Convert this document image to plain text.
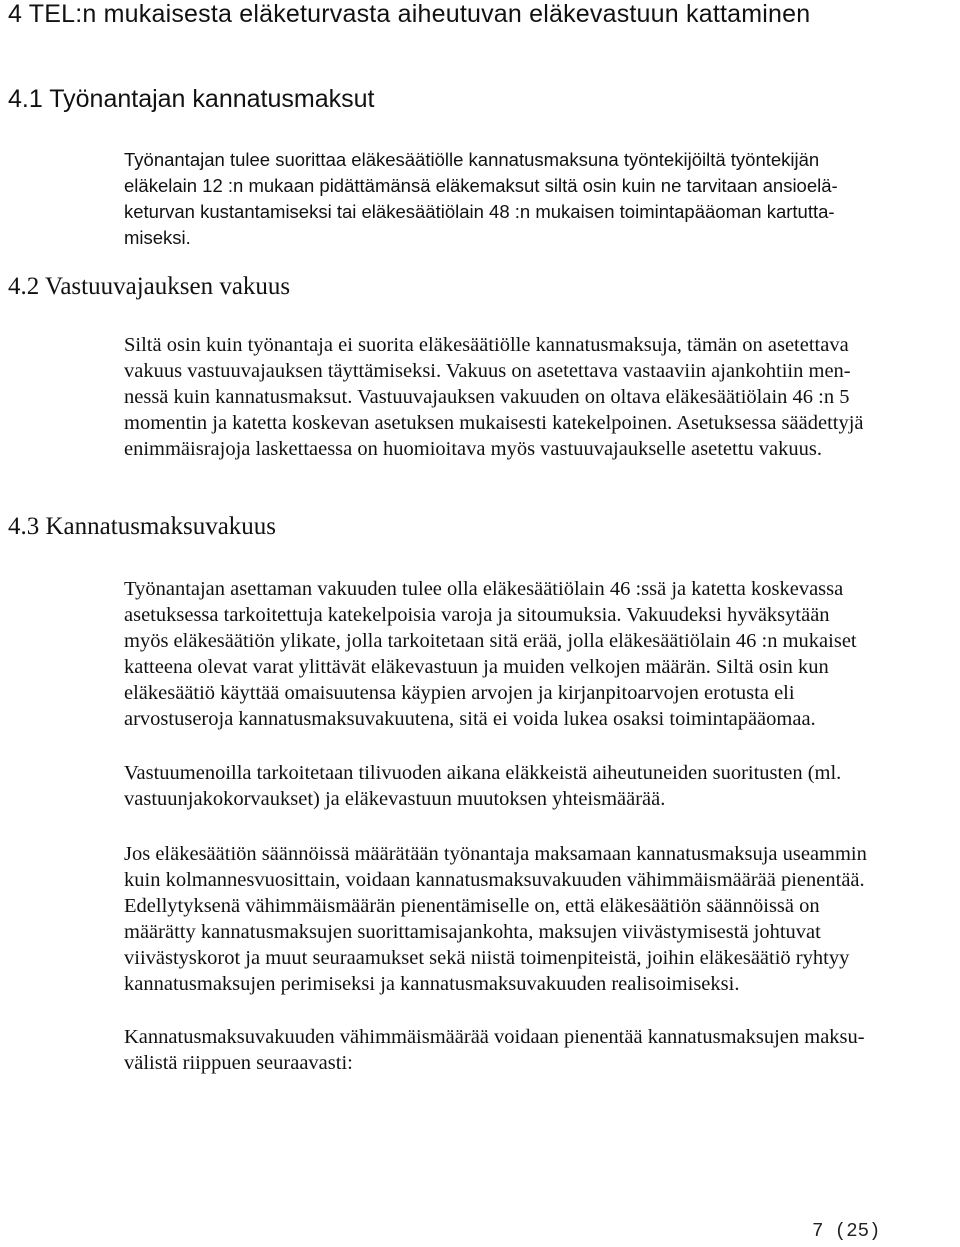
4 TEL:n mukaisesta eläketurvasta aiheutuvan eläkevastuun kattaminen
4.1 Työnantajan kannatusmaksut
Työnantajan tulee suorittaa eläkesäätiölle kannatusmaksuna työntekijöiltä työntekijän
eläkelain 12 :n mukaan pidättämänsä eläkemaksut siltä osin kuin ne tarvitaan ansioelä-
keturvan kustantamiseksi tai eläkesäätiölain 48 :n mukaisen toimintapääoman kartutta-
miseksi.
4.2 Vastuuvajauksen vakuus
Siltä osin kuin työnantaja ei suorita eläkesäätiölle kannatusmaksuja, tämän on asetettava
vakuus vastuuvajauksen täyttämiseksi. Vakuus on asetettava vastaaviin ajankohtiin men-
nessä kuin kannatusmaksut. Vastuuvajauksen vakuuden on oltava eläkesäätiölain 46 :n 5
momentin ja katetta koskevan asetuksen mukaisesti katekelpoinen. Asetuksessa säädettyjä
enimmäisrajoja laskettaessa on huomioitava myös vastuuvajaukselle asetettu vakuus.
4.3 Kannatusmaksuvakuus
Työnantajan asettaman vakuuden tulee olla eläkesäätiölain 46 :ssä ja katetta koskevassa
asetuksessa tarkoitettuja katekelpoisia varoja ja sitoumuksia. Vakuudeksi hyväksytään
myös eläkesäätiön ylikate, jolla tarkoitetaan sitä erää, jolla eläkesäätiölain 46 :n mukaiset
katteena olevat varat ylittävät eläkevastuun ja muiden velkojen määrän. Siltä osin kun
eläkesäätiö käyttää omaisuutensa käypien arvojen ja kirjanpitoarvojen erotusta eli
arvostuseroja kannatusmaksuvakuutena, sitä ei voida lukea osaksi toimintapääomaa.
Vastuumenoilla tarkoitetaan tilivuoden aikana eläkkeistä aiheutuneiden suoritusten (ml.
vastuunjakokorvaukset) ja eläkevastuun muutoksen yhteismäärää.
Jos eläkesäätiön säännöissä määrätään työnantaja maksamaan kannatusmaksuja useammin
kuin kolmannesvuosittain, voidaan kannatusmaksuvakuuden vähimmäismäärää pienentää.
Edellytyksenä vähimmäismäärän pienentämiselle on, että eläkesäätiön säännöissä on
määrätty kannatusmaksujen suorittamisajankohta, maksujen viivästymisestä johtuvat
viivästyskorot ja muut seuraamukset sekä niistä toimenpiteistä, joihin eläkesäätiö ryhtyy
kannatusmaksujen perimiseksi ja kannatusmaksuvakuuden realisoimiseksi.
Kannatusmaksuvakuuden vähimmäismäärää voidaan pienentää kannatusmaksujen maksu-
välistä riippuen seuraavasti:
7 (25)
